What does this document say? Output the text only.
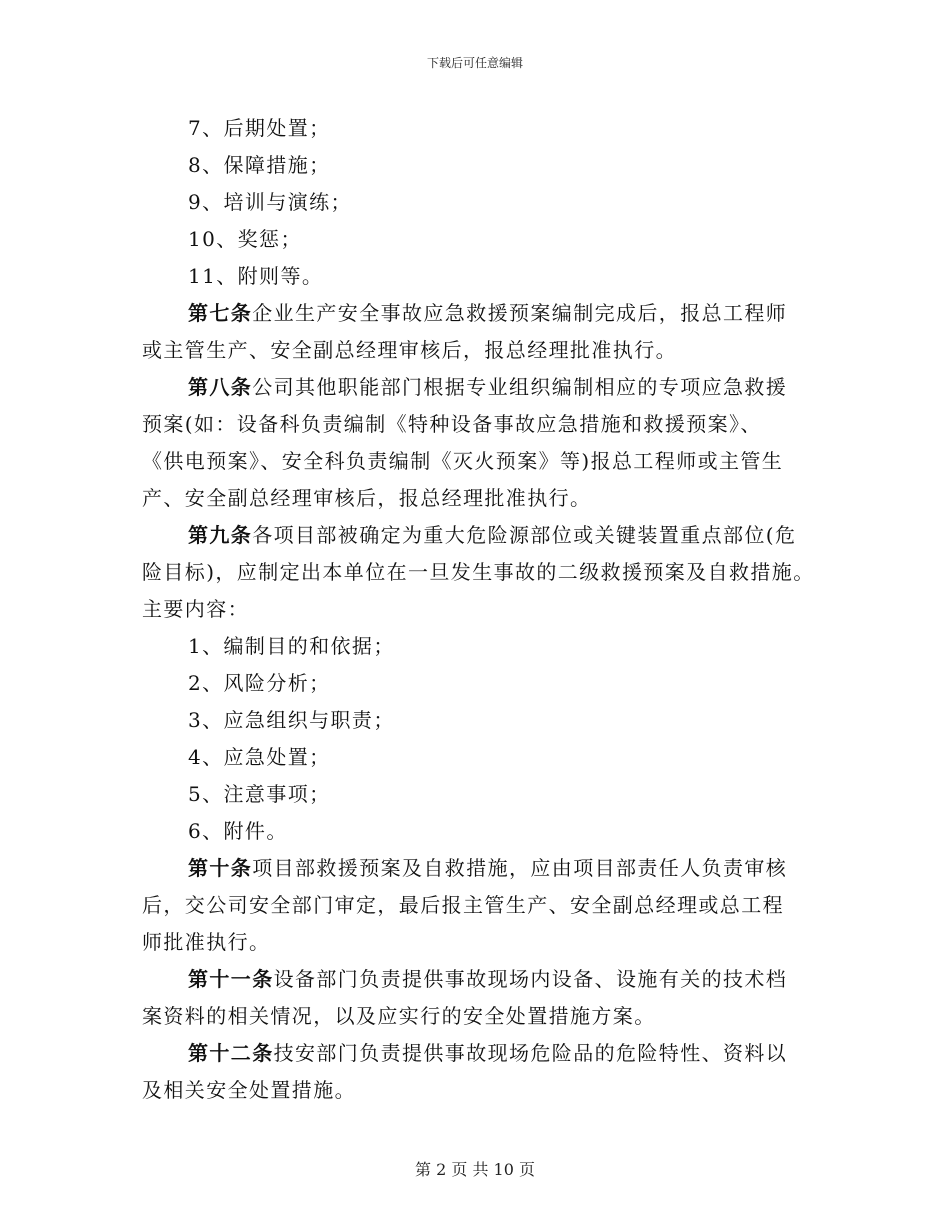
下载后可任意编辑
7、后期处置；
8、保障措施；
9、培训与演练；
10、奖惩；
11、附则等。
第七条企业生产安全事故应急救援预案编制完成后，报总工程师
或主管生产、安全副总经理审核后，报总经理批准执行。
第八条公司其他职能部门根据专业组织编制相应的专项应急救援
预案(如：设备科负责编制《特种设备事故应急措施和救援预案》、
《供电预案》、安全科负责编制《灭火预案》等)报总工程师或主管生
产、安全副总经理审核后，报总经理批准执行。
第九条各项目部被确定为重大危险源部位或关键装置重点部位(危
险目标)，应制定出本单位在一旦发生事故的二级救援预案及自救措施。
主要内容：
1、编制目的和依据；
2、风险分析；
3、应急组织与职责；
4、应急处置；
5、注意事项；
6、附件。
第十条项目部救援预案及自救措施，应由项目部责任人负责审核
后，交公司安全部门审定，最后报主管生产、安全副总经理或总工程
师批准执行。
第十一条设备部门负责提供事故现场内设备、设施有关的技术档
案资料的相关情况，以及应实行的安全处置措施方案。
第十二条技安部门负责提供事故现场危险品的危险特性、资料以
及相关安全处置措施。
第 2 页 共 10 页
